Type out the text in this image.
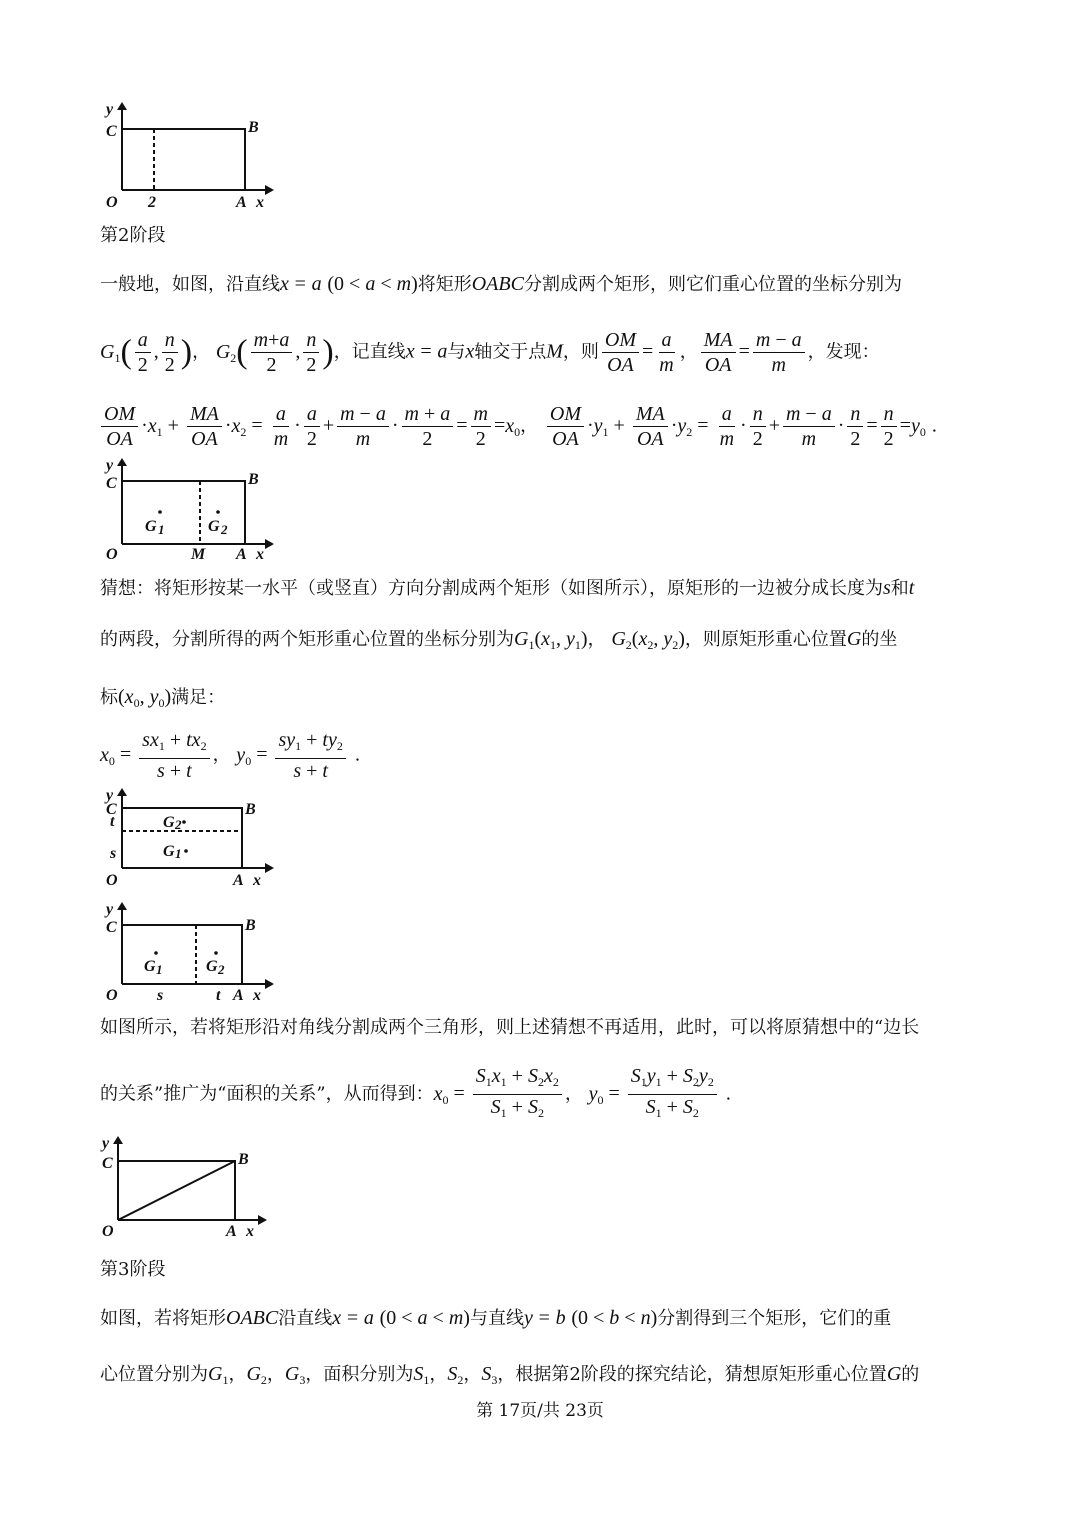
y
C	B
O 2	A x
第2阶段
一般地，如图，沿直线x = a (0 < a < m)将矩形OABC分割成两个矩形，则它们重心位置的坐标分别为
$G_1( \frac{a}{2}$ , $\frac{n}{2}$ )， $G_2( \frac{m+a}{2}$ , $\frac{n}{2}$ )，记直线x = a与x轴交于点M，则 $\frac{OM}{OA} = \frac{a}{m}$ ， $\frac{MA}{OA} = \frac{m - a}{m}$ ，发现：
$\frac{OM}{OA} \cdot x_1 + \frac{MA}{OA} \cdot x_2 = \frac{a}{m} \cdot \frac{a}{2} + \frac{m - a}{m} \cdot \frac{m + a}{2} = \frac{m}{2} =x_0$， $\frac{OM}{OA} \cdot y_1 + \frac{MA}{OA} \cdot y_2 = \frac{a}{m} \cdot \frac{n}{2} + \frac{m - a}{m} \cdot \frac{n}{2} = \frac{n}{2} =y_0$ .
G 1	G 2
y
C	B
O	M A x
猜想：将矩形按某一水平（或竖直）方向分割成两个矩形（如图所示），原矩形的一边被分成长度为s和t
的两段，分割所得的两个矩形重心位置的坐标分别为$G_1(x_1$, $y_1$)， $G_2(x_2$, $y_2$)，则原矩形重心位置G的坐
标($x_0$, $y_0$)满足：
$x_0 = \frac{sx_1 + tx_2}{s + t}$ ， $y_0 = \frac{sy_1 + ty_2}{s + t}$ .
G 2
G 1
y
C
t
s
B
O	A x
G 1	G 2
y
C	B
O s	t A x
如图所示，若将矩形沿对角线分割成两个三角形，则上述猜想不再适用，此时，可以将原猜想中的“边长
的关系”推广为“面积的关系”，从而得到：$x_0 = \frac{S_1x_1 + S_2x_2}{S_1 + S_2}$ ， $y_0 = \frac{S_1y_1 + S_2y_2}{S_1 + S_2}$ .
y
C	B
O	A x
第3阶段
如图，若将矩形OABC沿直线x = a (0 < a < m)与直线y = b (0 < b < n)分割得到三个矩形，它们的重
心位置分别为$G_1$，$G_2$，$G_3$，面积分别为$S_1$，$S_2$，$S_3$，根据第2阶段的探究结论，猜想原矩形重心位置G的
第 17页/共 23页
